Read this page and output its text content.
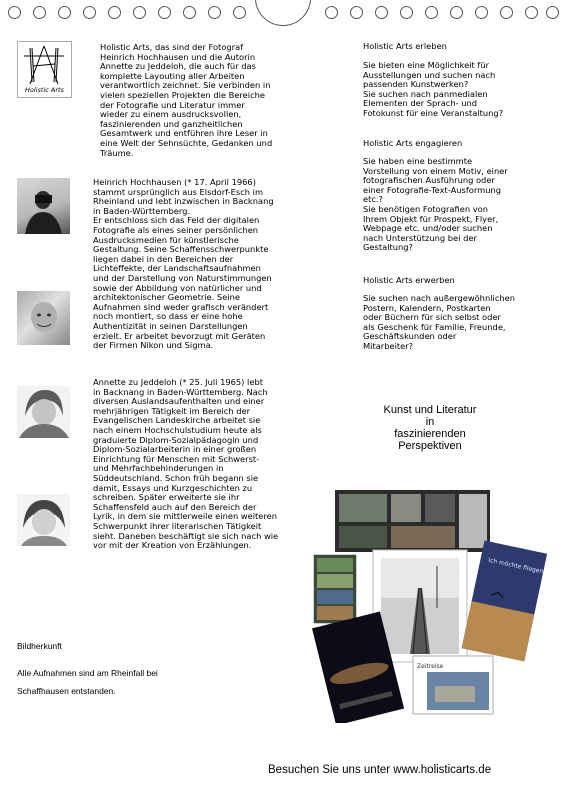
Holistic Arts
Holistic Arts, das sind der Fotograf
Heinrich Hochhausen und die Autorin
Annette zu Jeddeloh, die auch für das
komplette Layouting aller Arbeiten
verantwortlich zeichnet. Sie verbinden in
vielen speziellen Projekten die Bereiche
der Fotografie und Literatur immer
wieder zu einem ausdrucksvollen,
faszinierenden und ganzheitlichen
Gesamtwerk und entführen ihre Leser in
eine Welt der Sehnsüchte, Gedanken und
Träume.
Heinrich Hochhausen (* 17. April 1966)
stammt ursprünglich aus Elsdorf-Esch im
Rheinland und lebt inzwischen in Backnang
in Baden-Württemberg.
Er entschloss sich das Feld der digitalen
Fotografie als eines seiner persönlichen
Ausdrucksmedien für künstlerische
Gestaltung. Seine Schaffensschwerpunkte
liegen dabei in den Bereichen der
Lichteffekte, der Landschaftsaufnahmen
und der Darstellung von Naturstimmungen
sowie der Abbildung von natürlicher und
architektonischer Geometrie. Seine
Aufnahmen sind weder grafisch verändert
noch montiert, so dass er eine hohe
Authentizität in seinen Darstellungen
erzielt. Er arbeitet bevorzugt mit Geräten
der Firmen Nikon und Sigma.
Annette zu Jeddeloh (* 25. Juli 1965) lebt
in Backnang in Baden-Württemberg. Nach
diversen Auslandsaufenthalten und einer
mehrjährigen Tätigkeit im Bereich der
Evangelischen Landeskirche arbeitet sie
nach einem Hochschulstudium heute als
graduierte Diplom-Sozialpädagogin und
Diplom-Sozialarbeiterin in einer großen
Einrichtung für Menschen mit Schwerst-
und Mehrfachbehinderungen in
Süddeutschland. Schon früh begann sie
damit, Essays und Kurzgeschichten zu
schreiben. Später erweiterte sie ihr
Schaffensfeld auch auf den Bereich der
Lyrik, in dem sie mittlerweile einen weiteren
Schwerpunkt ihrer literarischen Tätigkeit
sieht. Daneben beschäftigt sie sich nach wie
vor mit der Kreation von Erzählungen.
Holistic Arts erleben
Sie bieten eine Möglichkeit für
Ausstellungen und suchen nach
passenden Kunstwerken?
Sie suchen nach panmedialen
Elementen der Sprach- und
Fotokunst für eine Veranstaltung?
Holistic Arts engagieren
Sie haben eine bestimmte
Vorstellung von einem Motiv, einer
fotografischen Ausführung oder
einer Fotografie-Text-Ausformung
etc.?
Sie benötigen Fotografien von
Ihrem Objekt für Prospekt, Flyer,
Webpage etc. und/oder suchen
nach Unterstützung bei der
Gestaltung?
Holistic Arts erwerben
Sie suchen nach außergewöhnlichen
Postern, Kalendern, Postkarten
oder Büchern für sich selbst oder
als Geschenk für Familie, Freunde,
Geschäftskunden oder
Mitarbeiter?
Kunst und Literatur
in
faszinierenden
Perspektiven
Ich möchte fliegen
Zeitreise
Bildherkunft
Alle Aufnahmen sind am Rheinfall bei
Schaffhausen entstanden.
Besuchen Sie uns unter www.holisticarts.de
